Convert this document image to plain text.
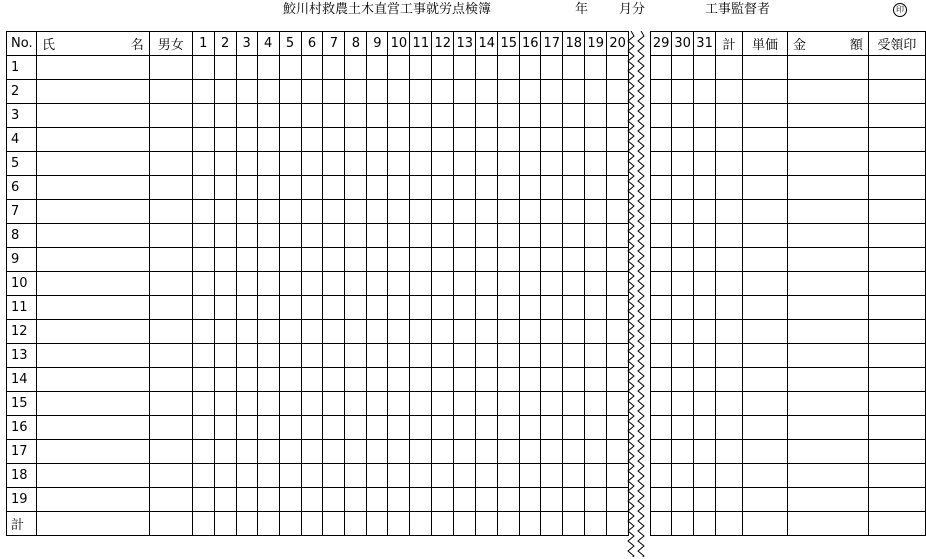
鮫川村救農土木直営工事就労点検簿	年 月分	工事監督者	印
No.	氏 名	男女	1	2	3	4	5	6	7	8	9	10	11	12	13	14	15	16	17	18	19	20		29	30	31	計	単価	金 額	受領印
1																														
2																														
3																														
4																														
5																														
6																														
7																														
8																														
9																														
10																														
11																														
12																														
13																														
14																														
15																														
16																														
17																														
18																														
19																														
計																														
